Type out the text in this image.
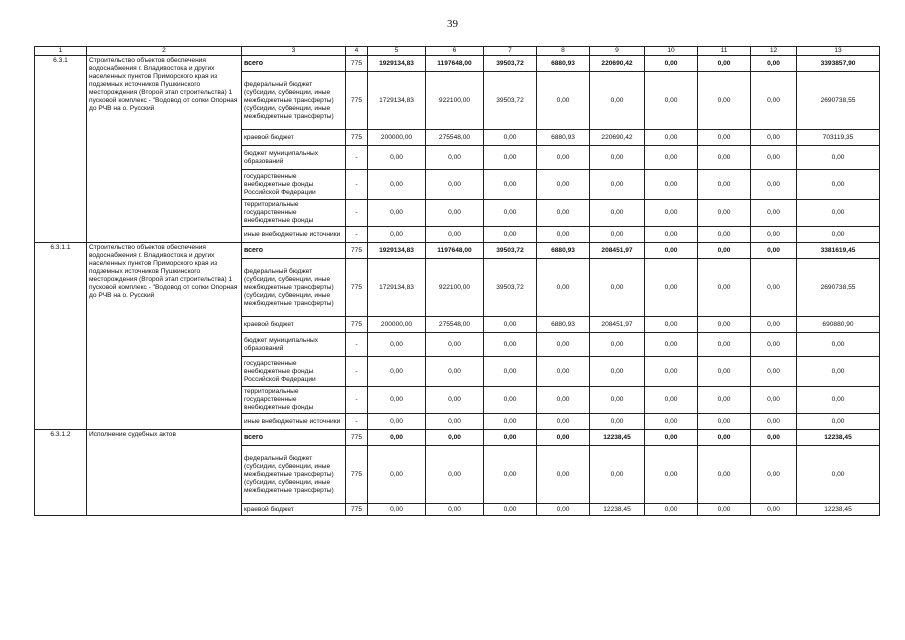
39
1	2	3	4	5	6	7	8	9	10	11	12	13
6.3.1	Строительство объектов обеспечения водоснабжения г. Владивостока и других населенных пунктов Приморского края из подземных источников Пушкинского месторождения (Второй этап строительства) 1 пусковой комплекс - "Водовод от сопки Опорная до РЧВ на о. Русский	всего	775	1929134,83	1197648,00	39503,72	6880,93	220690,42	0,00	0,00	0,00	3393857,90
		федеральный бюджет (субсидии, субвенции, иные межбюджетные трансферты) (субсидии, субвенции, иные межбюджетные трансферты)	775	1729134,83	922100,00	39503,72	0,00	0,00	0,00	0,00	0,00	2690738,55
		краевой бюджет	775	200000,00	275548,00	0,00	6880,93	220690,42	0,00	0,00	0,00	703119,35
		бюджет муниципальных образований	-	0,00	0,00	0,00	0,00	0,00	0,00	0,00	0,00	0,00
		государственные внебюджетные фонды Российской Федерации	-	0,00	0,00	0,00	0,00	0,00	0,00	0,00	0,00	0,00
		территориальные государственные внебюджетные фонды	-	0,00	0,00	0,00	0,00	0,00	0,00	0,00	0,00	0,00
		иные внебюджетные источники	-	0,00	0,00	0,00	0,00	0,00	0,00	0,00	0,00	0,00
6.3.1.1	Строительство объектов обеспечения водоснабжения г. Владивостока и других населенных пунктов Приморского края из подземных источников Пушкинского месторождения (Второй этап строительства) 1 пусковой комплекс - "Водовод от сопки Опорная до РЧВ на о. Русский	всего	775	1929134,83	1197648,00	39503,72	6880,93	208451,97	0,00	0,00	0,00	3381619,45
		федеральный бюджет (субсидии, субвенции, иные межбюджетные трансферты) (субсидии, субвенции, иные межбюджетные трансферты)	775	1729134,83	922100,00	39503,72	0,00	0,00	0,00	0,00	0,00	2690738,55
		краевой бюджет	775	200000,00	275548,00	0,00	6880,93	208451,97	0,00	0,00	0,00	690880,90
		бюджет муниципальных образований	-	0,00	0,00	0,00	0,00	0,00	0,00	0,00	0,00	0,00
		государственные внебюджетные фонды Российской Федерации	-	0,00	0,00	0,00	0,00	0,00	0,00	0,00	0,00	0,00
		территориальные государственные внебюджетные фонды	-	0,00	0,00	0,00	0,00	0,00	0,00	0,00	0,00	0,00
		иные внебюджетные источники	-	0,00	0,00	0,00	0,00	0,00	0,00	0,00	0,00	0,00
6.3.1.2	Исполнение судебных актов	всего	775	0,00	0,00	0,00	0,00	12238,45	0,00	0,00	0,00	12238,45
		федеральный бюджет (субсидии, субвенции, иные межбюджетные трансферты) (субсидии, субвенции, иные межбюджетные трансферты)	775	0,00	0,00	0,00	0,00	0,00	0,00	0,00	0,00	0,00
		краевой бюджет	775	0,00	0,00	0,00	0,00	12238,45	0,00	0,00	0,00	12238,45
